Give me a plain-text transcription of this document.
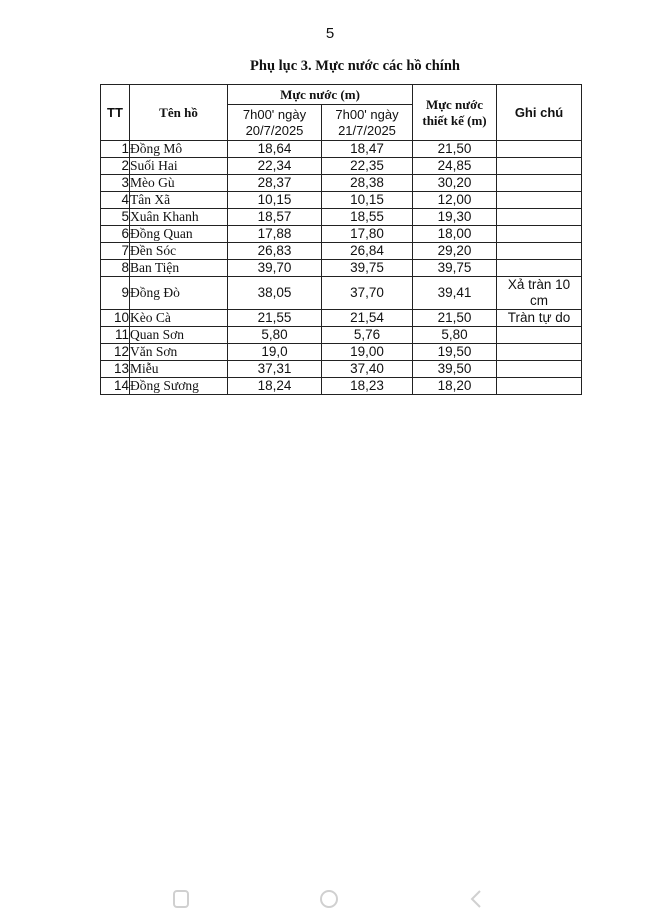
5
Phụ lục 3. Mực nước các hồ chính
TT	Tên hồ	Mực nước (m)		Mực nước thiết kế (m)	Ghi chú
		7h00' ngày 20/7/2025	7h00' ngày 21/7/2025		
1	Đồng Mô	18,64	18,47	21,50	
2	Suối Hai	22,34	22,35	24,85	
3	Mèo Gù	28,37	28,38	30,20	
4	Tân Xã	10,15	10,15	12,00	
5	Xuân Khanh	18,57	18,55	19,30	
6	Đồng Quan	17,88	17,80	18,00	
7	Đền Sóc	26,83	26,84	29,20	
8	Ban Tiện	39,70	39,75	39,75	
9	Đồng Đò	38,05	37,70	39,41	Xả tràn 10 cm
10	Kèo Cà	21,55	21,54	21,50	Tràn tự do
11	Quan Sơn	5,80	5,76	5,80	
12	Văn Sơn	19,0	19,00	19,50	
13	Miễu	37,31	37,40	39,50	
14	Đồng Sương	18,24	18,23	18,20	
